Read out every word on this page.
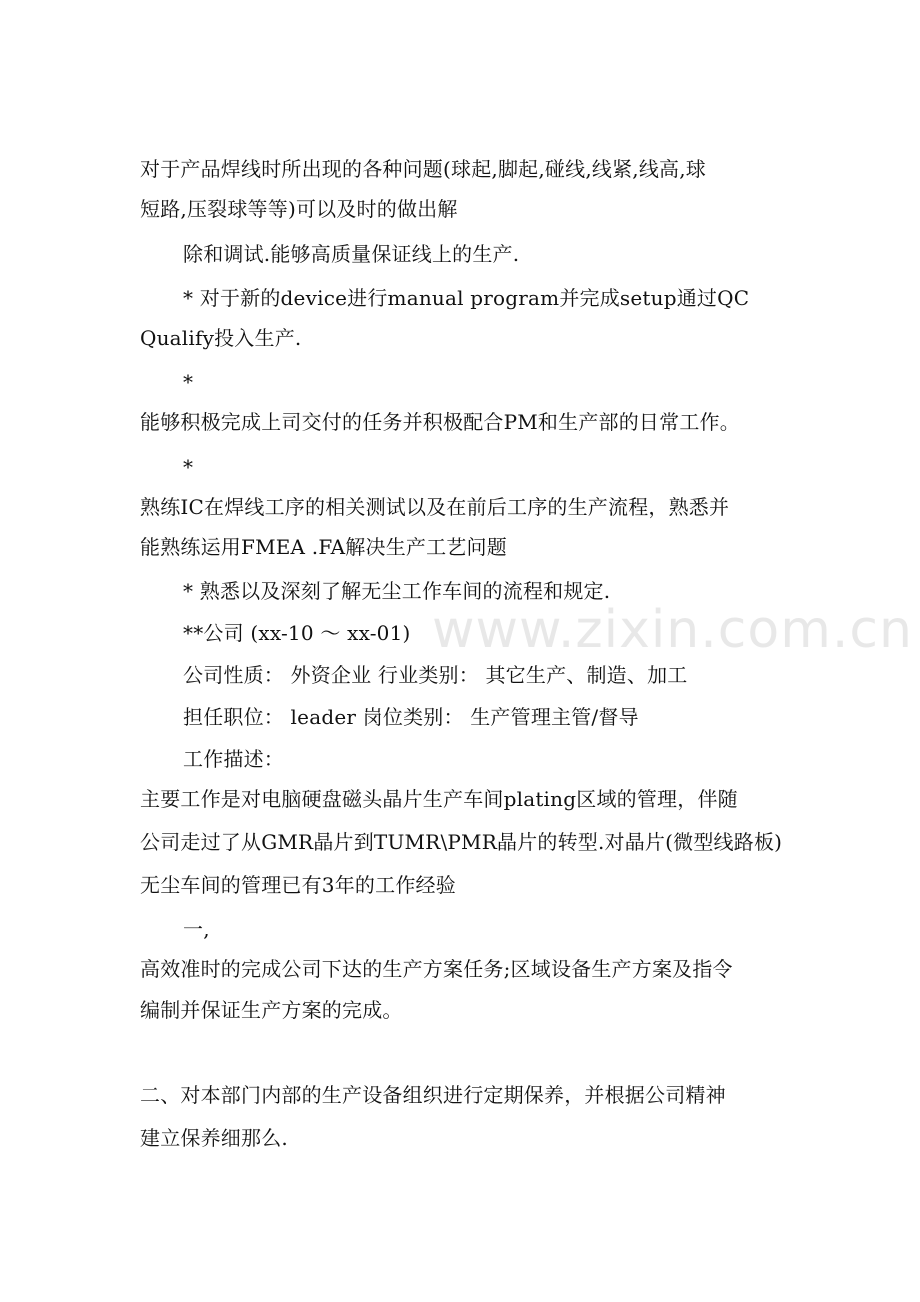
www.zixin.com.cn
对于产品焊线时所出现的各种问题(球起,脚起,碰线,线紧,线高,球
短路,压裂球等等)可以及时的做出解
除和调试.能够高质量保证线上的生产.
* 对于新的device进行manual program并完成setup通过QC
Qualify投入生产.
*
能够积极完成上司交付的任务并积极配合PM和生产部的日常工作。
*
熟练IC在焊线工序的相关测试以及在前后工序的生产流程，熟悉并
能熟练运用FMEA .FA解决生产工艺问题
* 熟悉以及深刻了解无尘工作车间的流程和规定.
**公司 (xx-10 ～ xx-01)
公司性质： 外资企业 行业类别： 其它生产、制造、加工
担任职位： leader 岗位类别： 生产管理主管/督导
工作描述：
主要工作是对电脑硬盘磁头晶片生产车间plating区域的管理，伴随
公司走过了从GMR晶片到TUMR\PMR晶片的转型.对晶片(微型线路板)
无尘车间的管理已有3年的工作经验
一,
高效准时的完成公司下达的生产方案任务;区域设备生产方案及指令
编制并保证生产方案的完成。
二、对本部门内部的生产设备组织进行定期保养，并根据公司精神
建立保养细那么.
